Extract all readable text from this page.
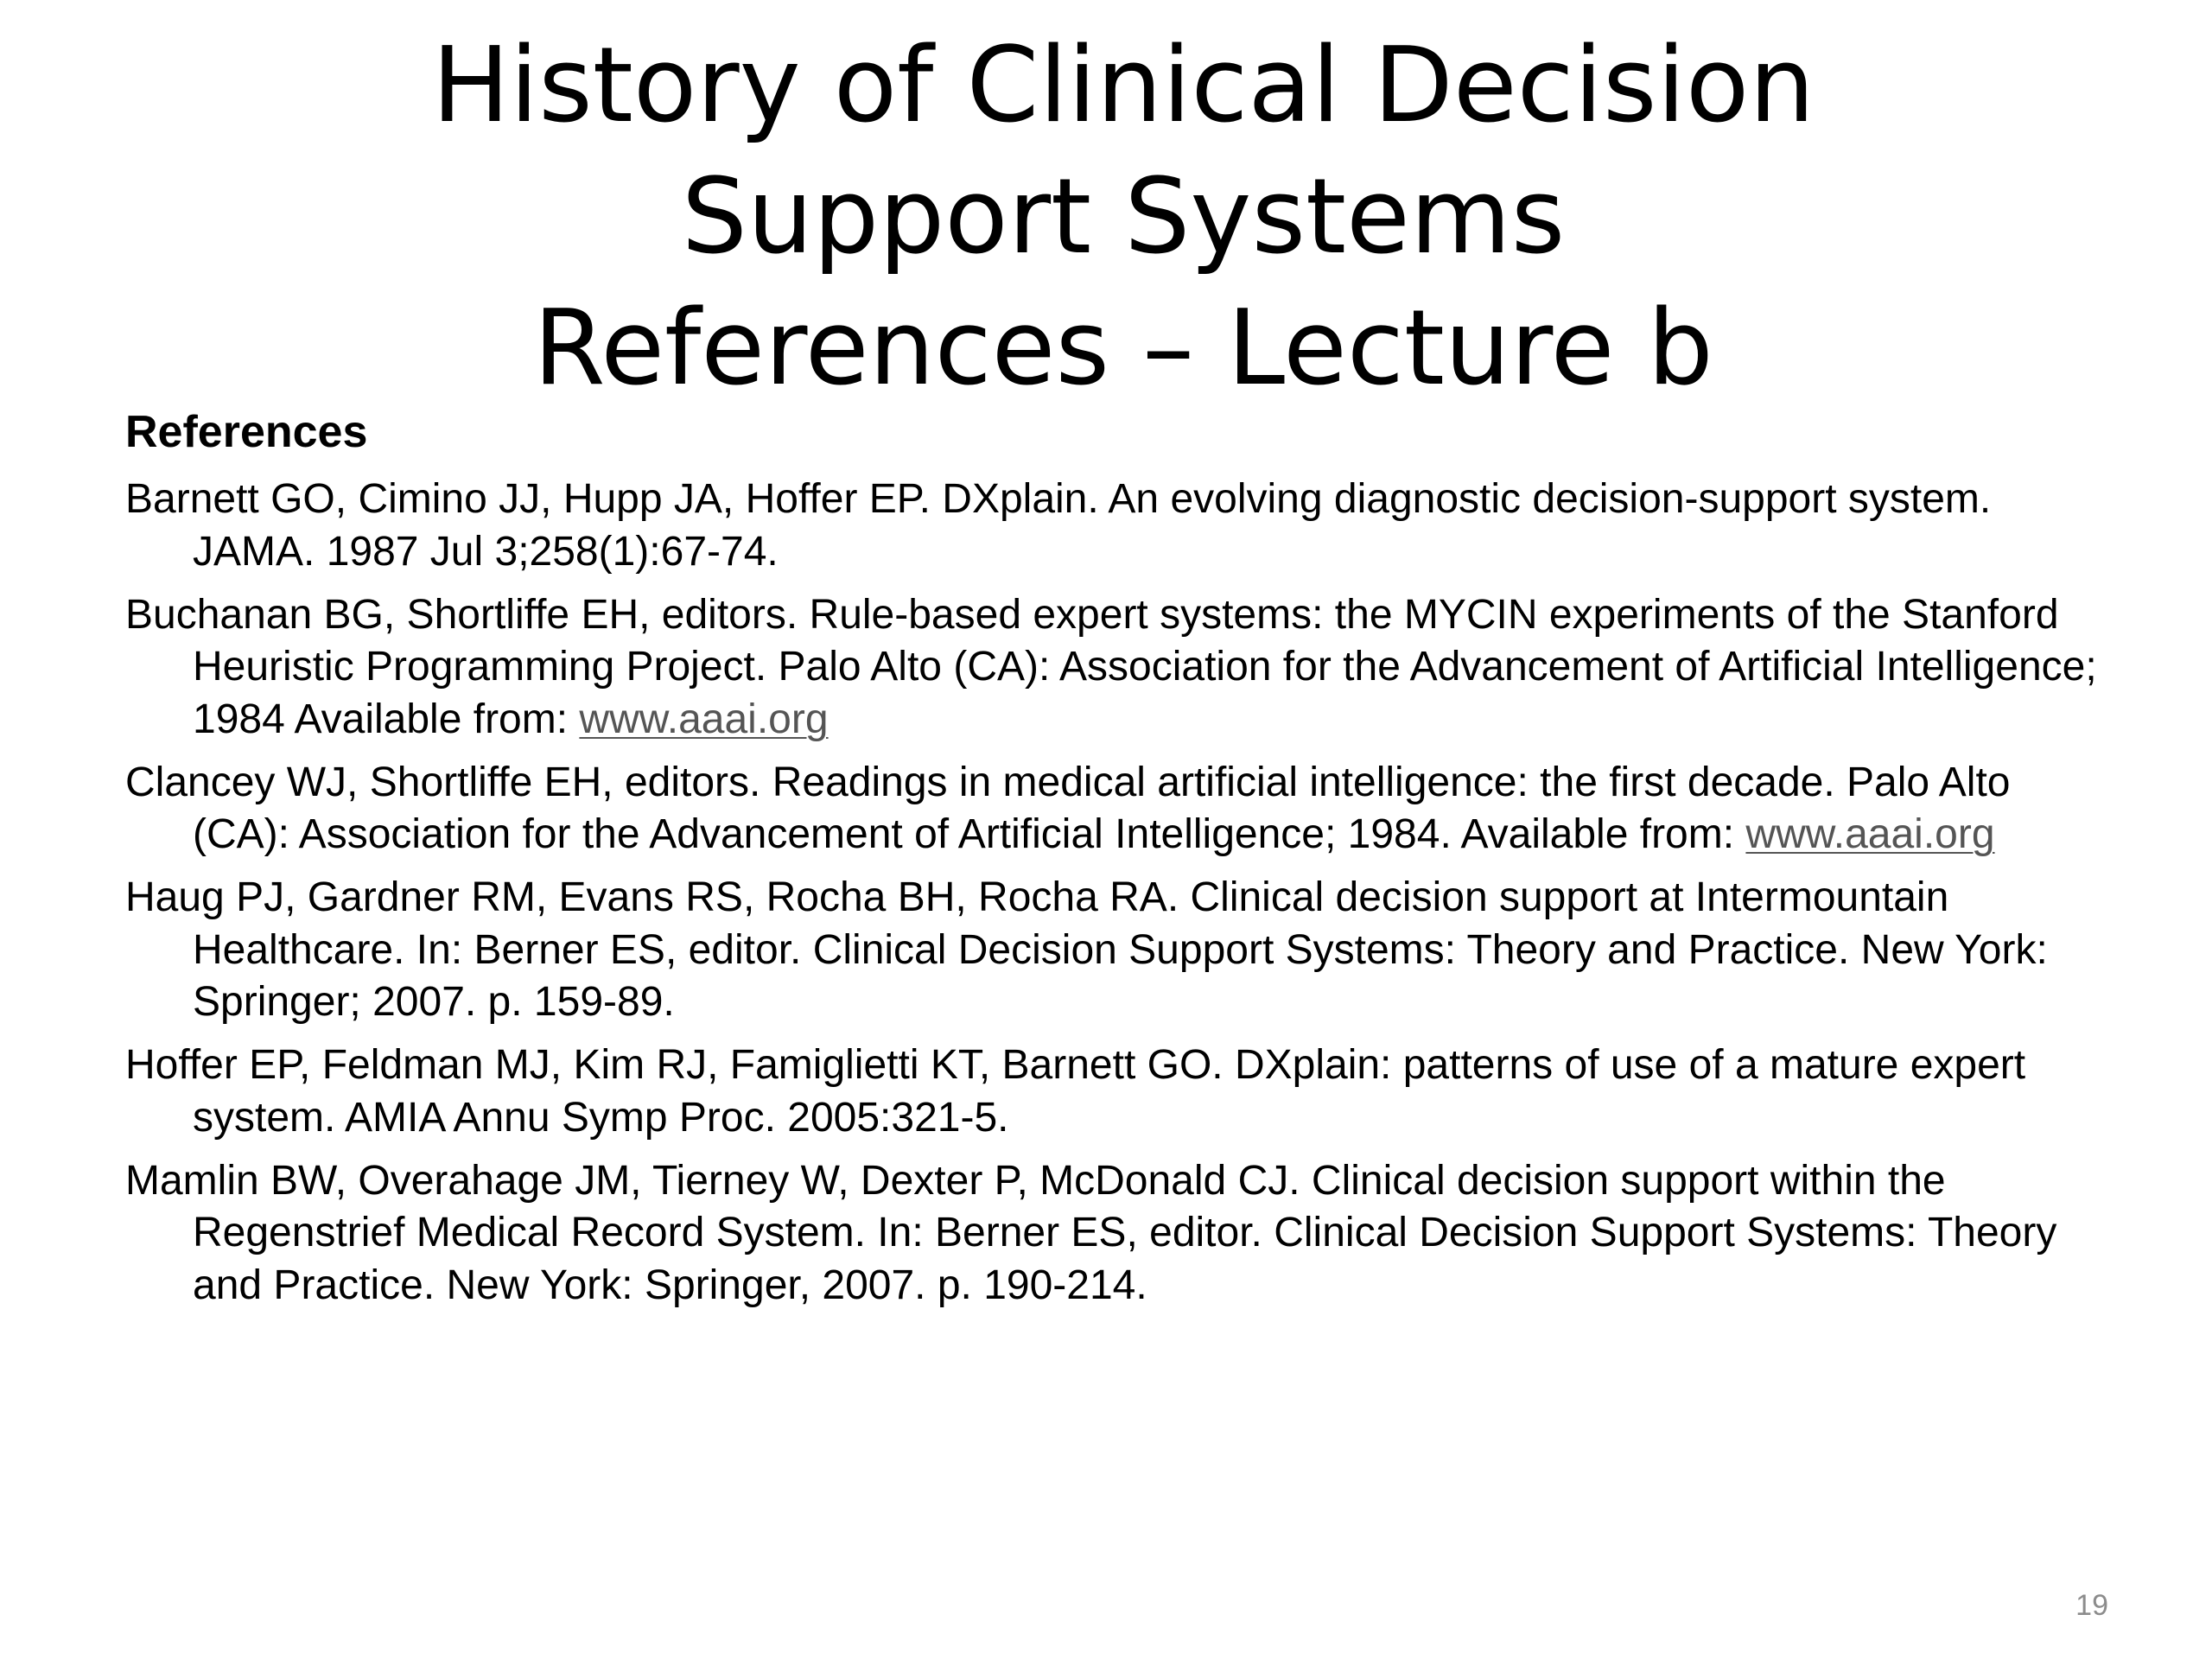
History of Clinical Decision
Support Systems
References – Lecture b
References
Barnett GO, Cimino JJ, Hupp JA, Hoffer EP. DXplain. An evolving diagnostic decision-support system. JAMA. 1987 Jul 3;258(1):67-74.
Buchanan BG, Shortliffe EH, editors. Rule-based expert systems: the MYCIN experiments of the Stanford Heuristic Programming Project. Palo Alto (CA): Association for the Advancement of Artificial Intelligence; 1984 Available from: www.aaai.org
Clancey WJ, Shortliffe EH, editors. Readings in medical artificial intelligence: the first decade. Palo Alto (CA): Association for the Advancement of Artificial Intelligence; 1984. Available from: www.aaai.org
Haug PJ, Gardner RM, Evans RS, Rocha BH, Rocha RA. Clinical decision support at Intermountain Healthcare. In: Berner ES, editor. Clinical Decision Support Systems: Theory and Practice. New York: Springer; 2007. p. 159-89.
Hoffer EP, Feldman MJ, Kim RJ, Famiglietti KT, Barnett GO. DXplain: patterns of use of a mature expert system. AMIA Annu Symp Proc. 2005:321-5.
Mamlin BW, Overahage JM, Tierney W, Dexter P, McDonald CJ. Clinical decision support within the Regenstrief Medical Record System. In: Berner ES, editor. Clinical Decision Support Systems: Theory and Practice. New York: Springer, 2007. p. 190-214.
19
